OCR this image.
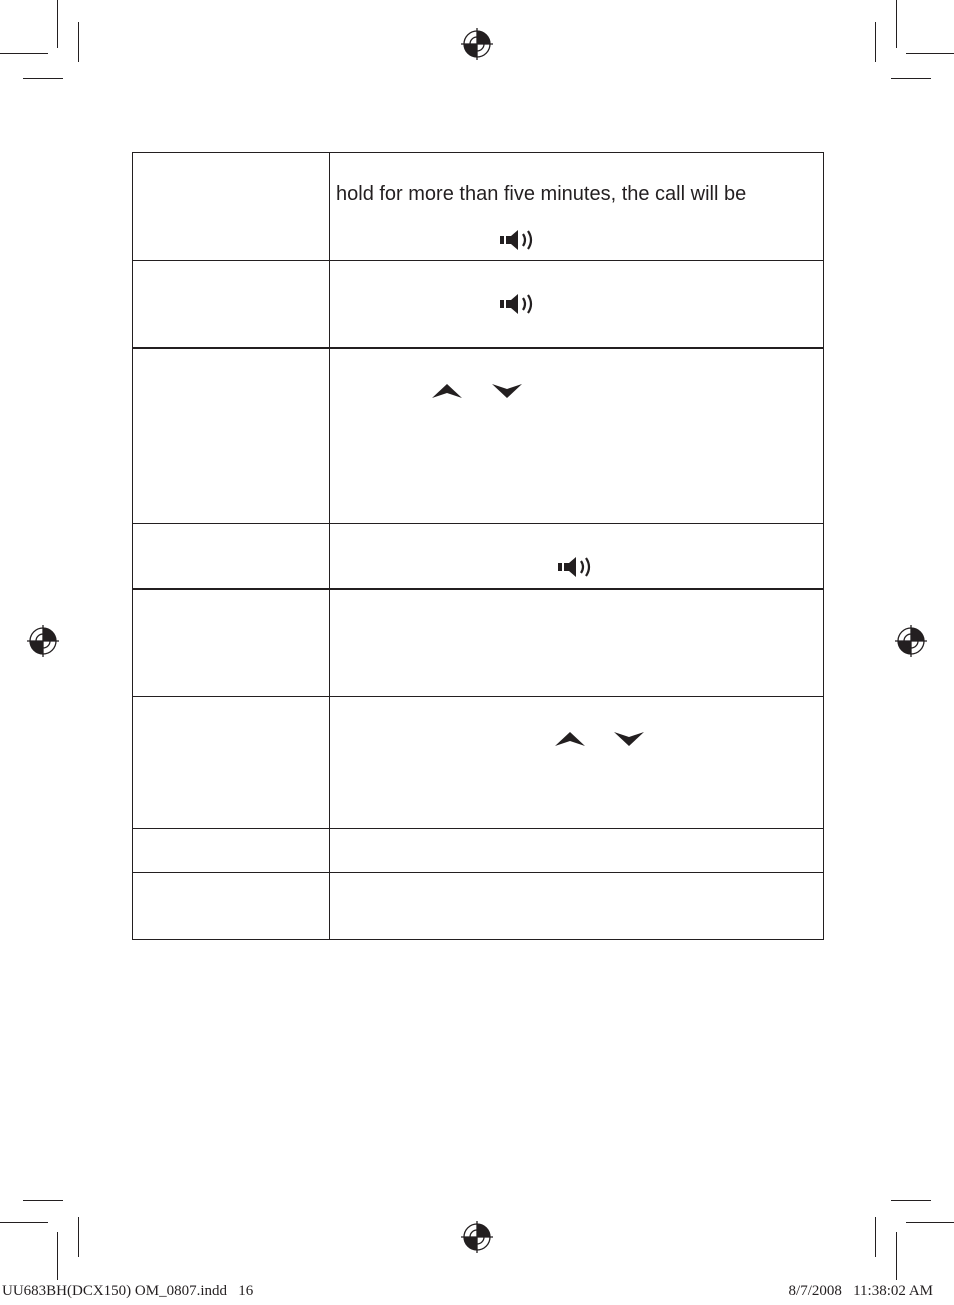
hold for more than five minutes, the call will be
UU683BH(DCX150) OM_0807.indd   16	8/7/2008   11:38:02 AM
